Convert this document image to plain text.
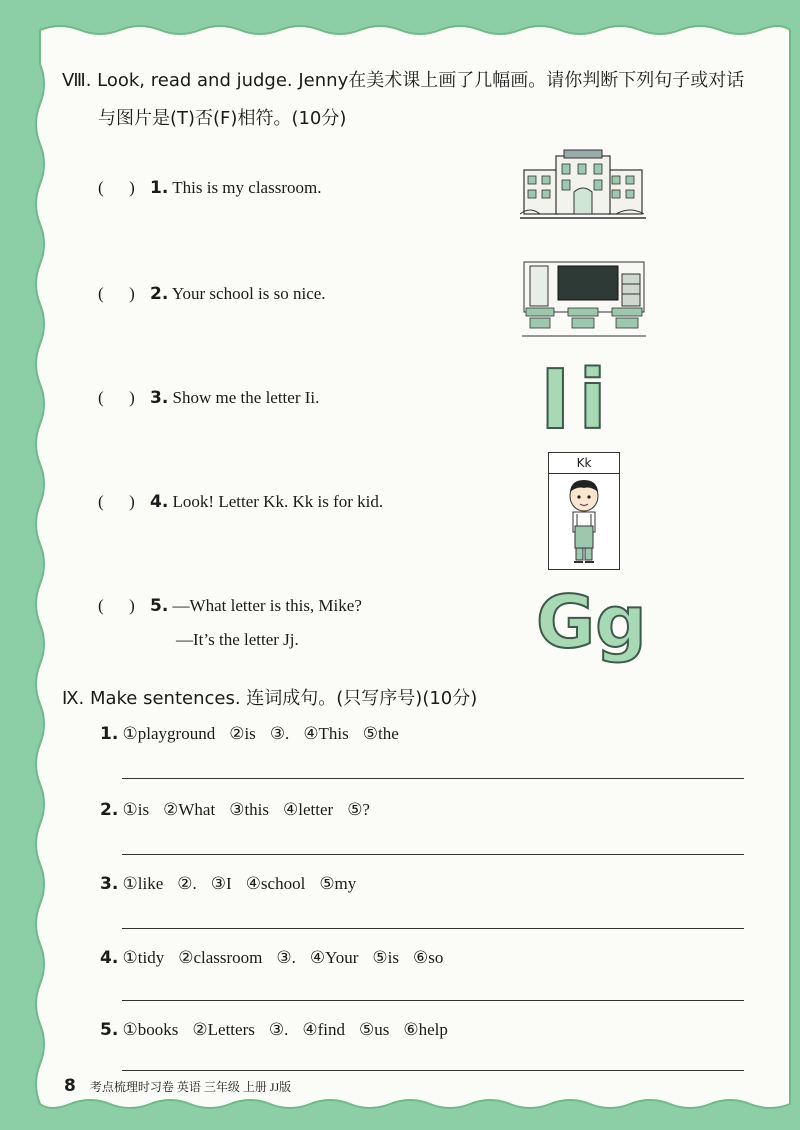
Ⅷ. Look, read and judge. Jenny在美术课上画了几幅画。请你判断下列句子或对话
与图片是(T)否(F)相符。(10分)
(      ) 1. This is my classroom.
(      ) 2. Your school is so nice.
(      ) 3. Show me the letter Ii.
(      ) 4. Look! Letter Kk. Kk is for kid.
(      ) 5. —What letter is this, Mike?
—It’s the letter Jj.
Ii
Kk
Gg
Ⅸ. Make sentences. 连词成句。(只写序号)(10分)
1. ①playground ②is ③. ④This ⑤the
2. ①is ②What ③this ④letter ⑤?
3. ①like ②. ③I ④school ⑤my
4. ①tidy ②classroom ③. ④Your ⑤is ⑥so
5. ①books ②Letters ③. ④find ⑤us ⑥help
8 考点梳理时习卷 英语 三年级 上册 JJ版
